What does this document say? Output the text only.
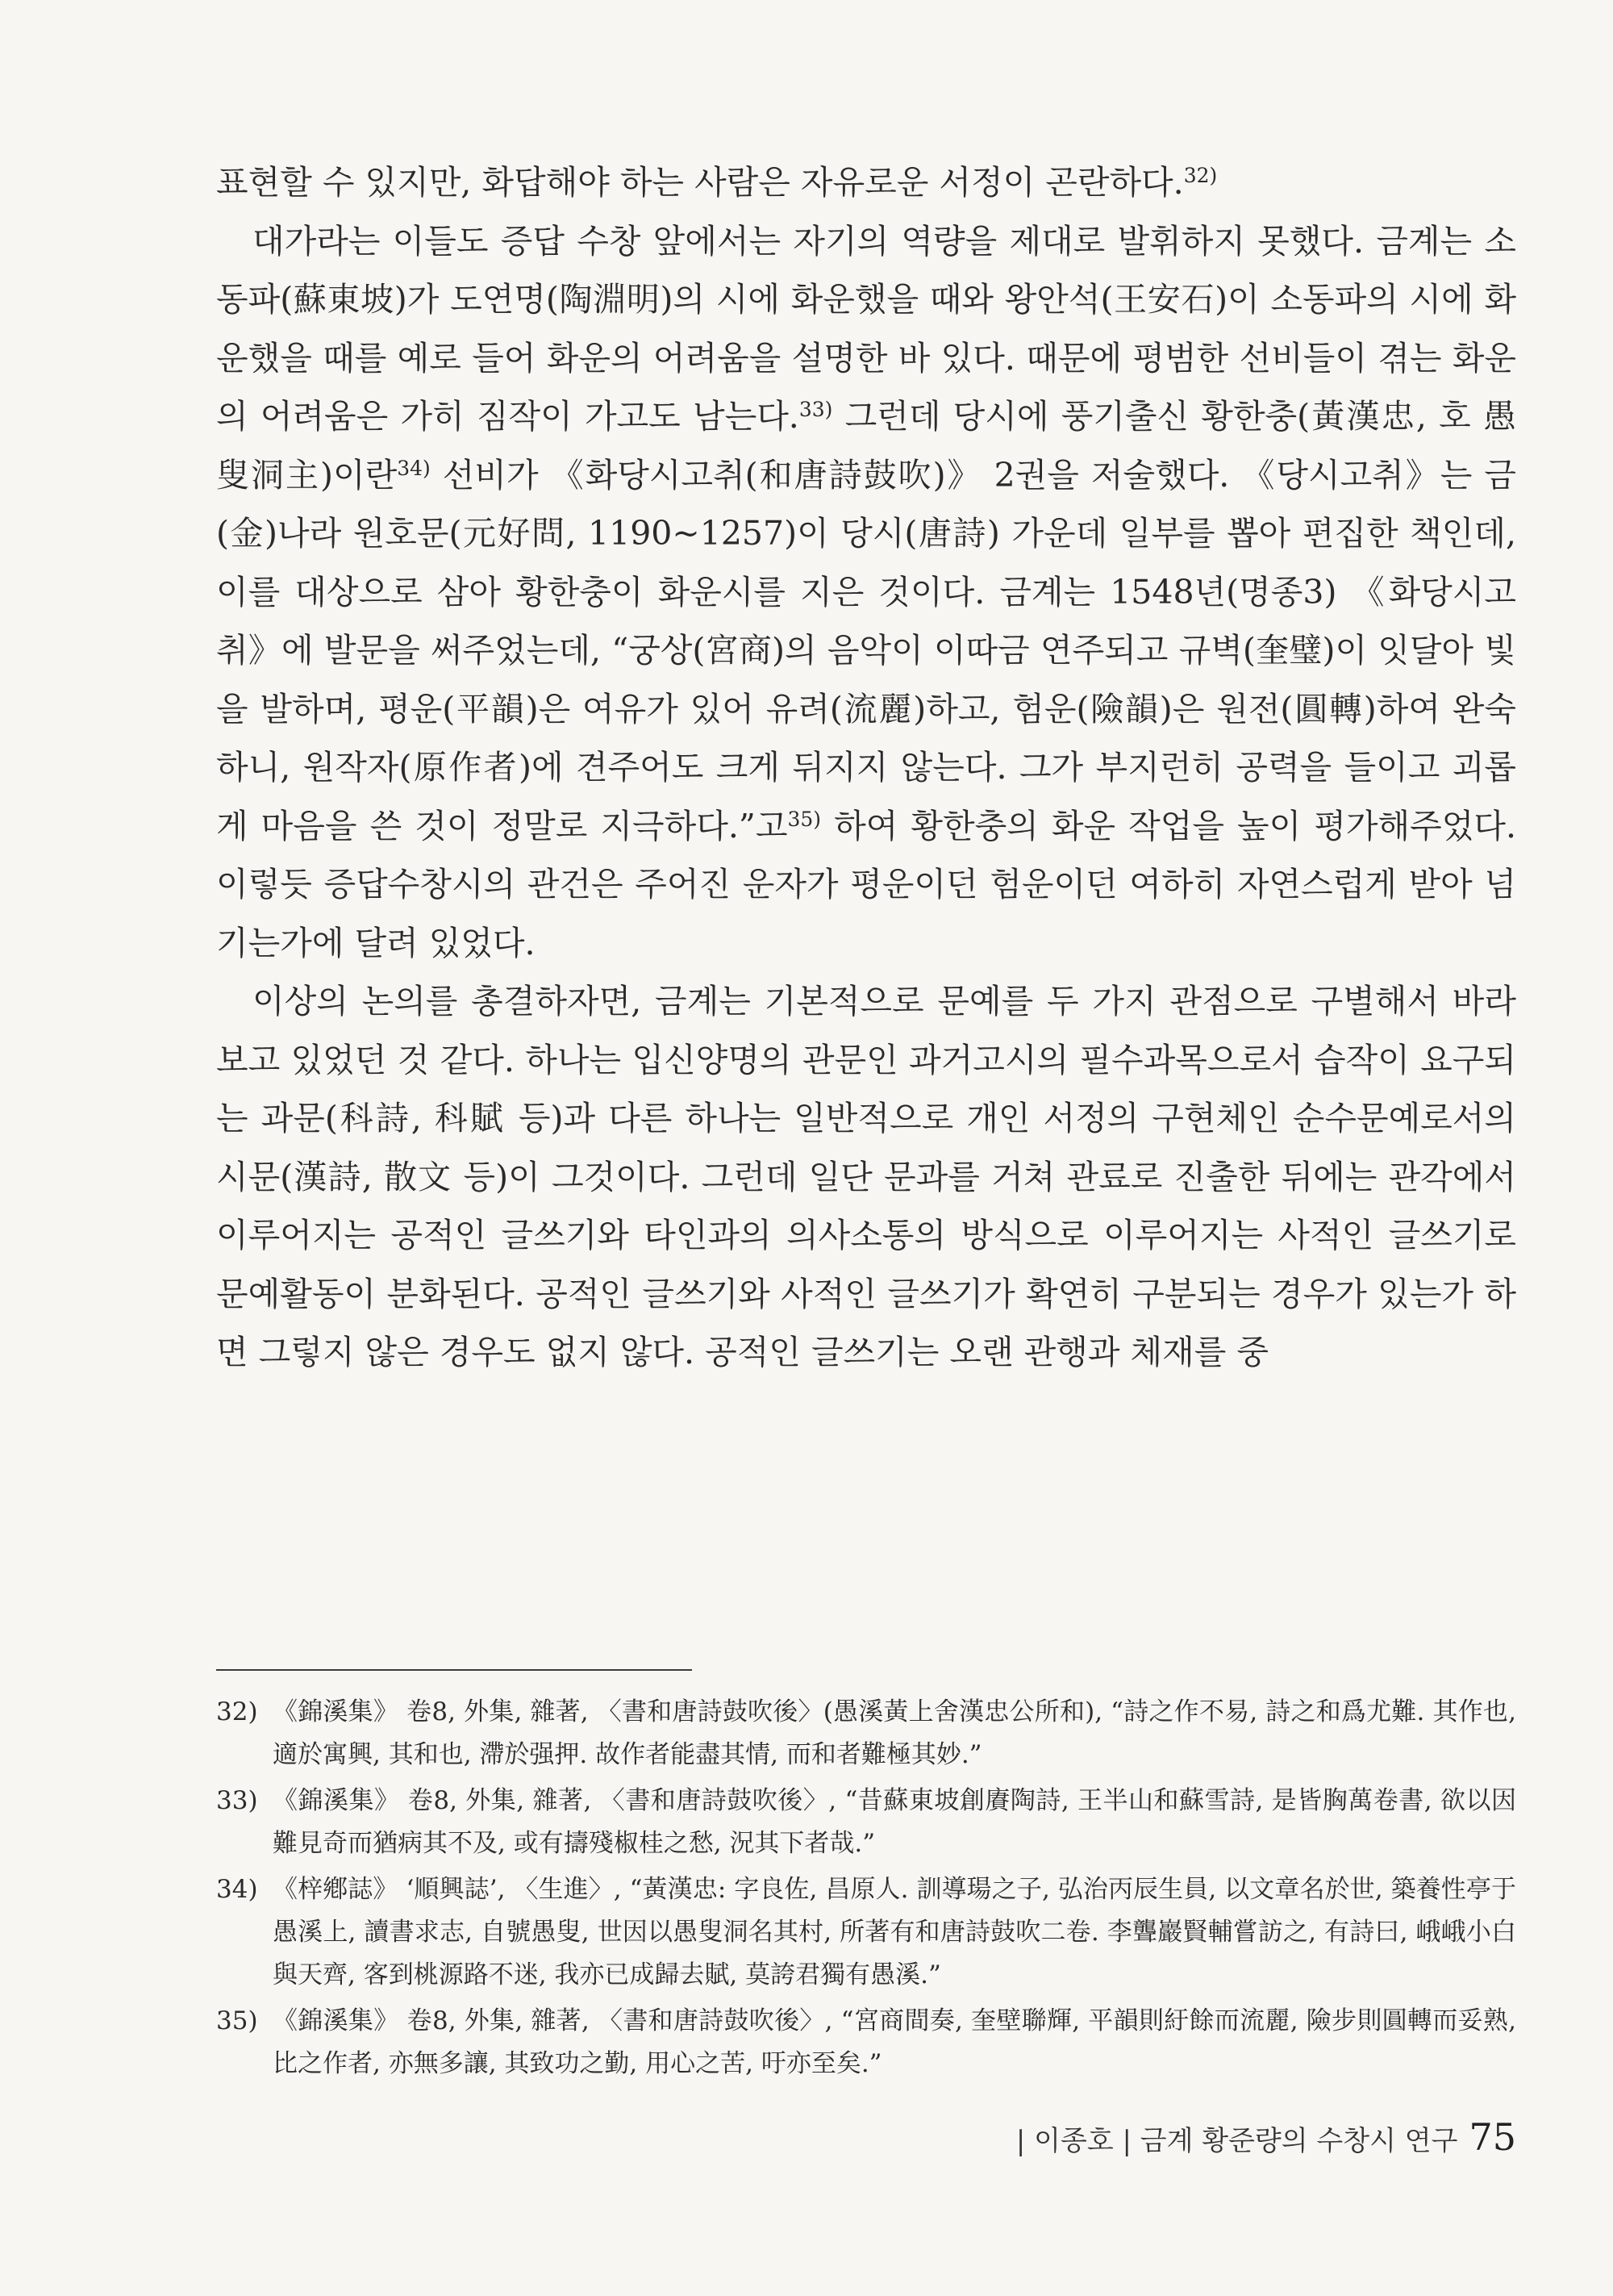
표현할 수 있지만, 화답해야 하는 사람은 자유로운 서정이 곤란하다.$^{32)}$

대가라는 이들도 증답 수창 앞에서는 자기의 역량을 제대로 발휘하지 못했다. 금계는 소동파(蘇東坡)가 도연명(陶淵明)의 시에 화운했을 때와 왕안석(王安石)이 소동파의 시에 화운했을 때를 예로 들어 화운의 어려움을 설명한 바 있다. 때문에 평범한 선비들이 겪는 화운의 어려움은 가히 짐작이 가고도 남는다.$^{33)}$ 그런데 당시에 풍기출신 황한충(黃漢忠, 호 愚叟洞主)이란$^{34)}$ 선비가 《화당시고취(和唐詩鼓吹)》 2권을 저술했다. 《당시고취》는 금(金)나라 원호문(元好問, 1190~1257)이 당시(唐詩) 가운데 일부를 뽑아 편집한 책인데, 이를 대상으로 삼아 황한충이 화운시를 지은 것이다. 금계는 1548년(명종3) 《화당시고취》에 발문을 써주었는데, “궁상(宮商)의 음악이 이따금 연주되고 규벽(奎璧)이 잇달아 빛을 발하며, 평운(平韻)은 여유가 있어 유려(流麗)하고, 험운(險韻)은 원전(圓轉)하여 완숙하니, 원작자(原作者)에 견주어도 크게 뒤지지 않는다. 그가 부지런히 공력을 들이고 괴롭게 마음을 쓴 것이 정말로 지극하다.”고$^{35)}$ 하여 황한충의 화운 작업을 높이 평가해주었다. 이렇듯 증답수창시의 관건은 주어진 운자가 평운이던 험운이던 여하히 자연스럽게 받아 넘기는가에 달려 있었다.

이상의 논의를 총결하자면, 금계는 기본적으로 문예를 두 가지 관점으로 구별해서 바라보고 있었던 것 같다. 하나는 입신양명의 관문인 과거고시의 필수과목으로서 습작이 요구되는 과문(科詩, 科賦 등)과 다른 하나는 일반적으로 개인 서정의 구현체인 순수문예로서의 시문(漢詩, 散文 등)이 그것이다. 그런데 일단 문과를 거쳐 관료로 진출한 뒤에는 관각에서 이루어지는 공적인 글쓰기와 타인과의 의사소통의 방식으로 이루어지는 사적인 글쓰기로 문예활동이 분화된다. 공적인 글쓰기와 사적인 글쓰기가 확연히 구분되는 경우가 있는가 하면 그렇지 않은 경우도 없지 않다. 공적인 글쓰기는 오랜 관행과 체재를 중

32) 《錦溪集》 卷8, 外集, 雜著, 〈書和唐詩鼓吹後〉(愚溪黃上舍漢忠公所和), “詩之作不易, 詩之和爲尤難. 其作也, 適於寓興, 其和也, 滯於强押. 故作者能盡其情, 而和者難極其妙.”
33) 《錦溪集》 卷8, 外集, 雜著, 〈書和唐詩鼓吹後〉, “昔蘇東坡創賡陶詩, 王半山和蘇雪詩, 是皆胸萬卷書, 欲以因難見奇而猶病其不及, 或有擣殘椒桂之愁, 況其下者哉.”
34) 《梓鄕誌》 ‘順興誌’, 〈生進〉, “黃漢忠: 字良佐, 昌原人. 訓導瑒之子, 弘治丙辰生員, 以文章名於世, 築養性亭于愚溪上, 讀書求志, 自號愚叟, 世因以愚叟洞名其村, 所著有和唐詩鼓吹二卷. 李聾巖賢輔嘗訪之, 有詩曰, 峨峨小白與天齊, 客到桃源路不迷, 我亦已成歸去賦, 莫誇君獨有愚溪.”
35) 《錦溪集》 卷8, 外集, 雜著, 〈書和唐詩鼓吹後〉, “宮商間奏, 奎壁聯輝, 平韻則紆餘而流麗, 險步則圓轉而妥熟, 比之作者, 亦無多讓, 其致功之勤, 用心之苦, 吁亦至矣.”
| 이종호 | 금계 황준량의 수창시 연구 75
